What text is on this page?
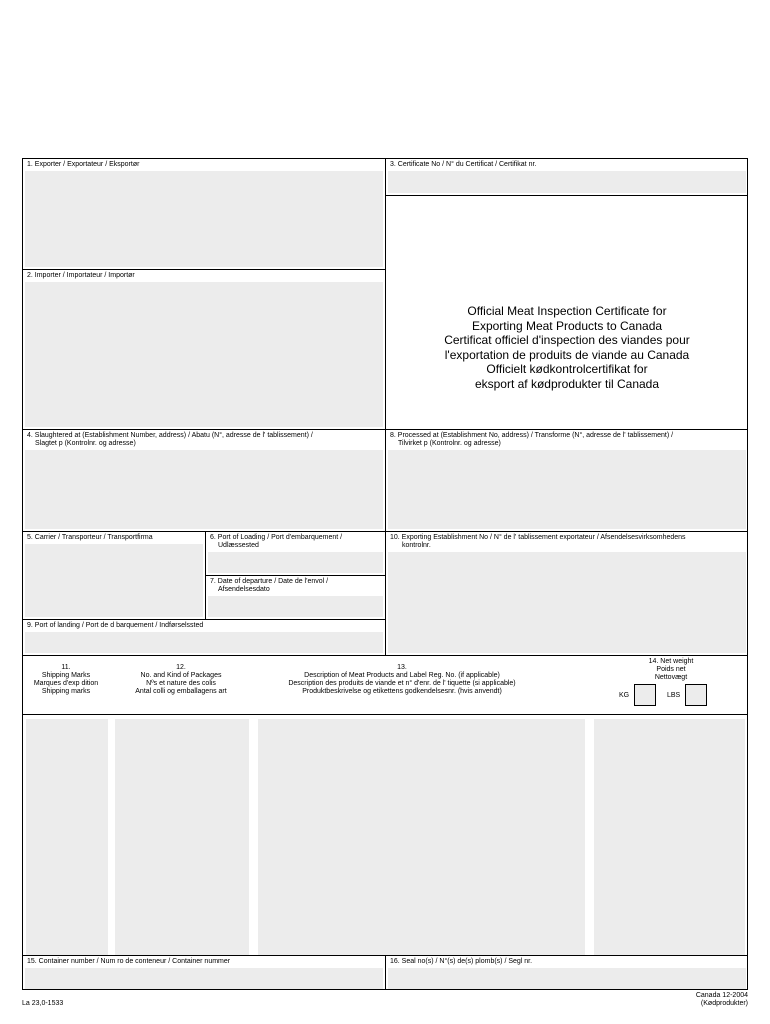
1. Exporter / Exportateur / Eksportør	3. Certificate No / N° du Certificat / Certifikat nr.
Official Meat Inspection Certificate for
Exporting Meat Products to Canada
Certificat officiel d'inspection des viandes pour
l'exportation de produits de viande au Canada
Officielt kødkontrolcertifikat for
eksport af kødprodukter til Canada
2. Importer / Importateur / Importør
4. Slaughtered at (Establishment Number, address) / Abatu (N°, adresse de l' tablissement) /
Slagtet p (Kontrolnr. og adresse)
8. Processed at (Establishment No, address) / Transforme (N°, adresse de l' tablissement) /
Tilvirket p (Kontrolnr. og adresse)
5. Carrier / Transporteur / Transportfirma	6. Port of Loading / Port d'embarquement /
Udlæssested
7. Date of departure / Date de l'envol /
Afsendelsesdato
10. Exporting Establishment No / N° de l' tablissement exportateur / Afsendelsesvirksomhedens
kontrolnr.
9. Port of landing / Port de d barquement / Indførselssted
11.
Shipping Marks
Marques d'exp dition
Shipping marks
12.
No. and Kind of Packages
Nºs et nature des colis
Antal colli og emballagens art
13.
Description of Meat Products and Label Reg. No. (if applicable)
Description des produits de viande et n° d'enr. de l' tiquette (si applicable)
Produktbeskrivelse og etikettens godkendelsesnr. (hvis anvendt)
14. Net weight
Poids net
Nettovægt
KG	LBS
15. Container number / Num ro de conteneur / Container nummer	16. Seal no(s) / N°(s) de(s) plomb(s) / Segl nr.
La 23,0-1533
Canada 12-2004
(Kødprodukter)
